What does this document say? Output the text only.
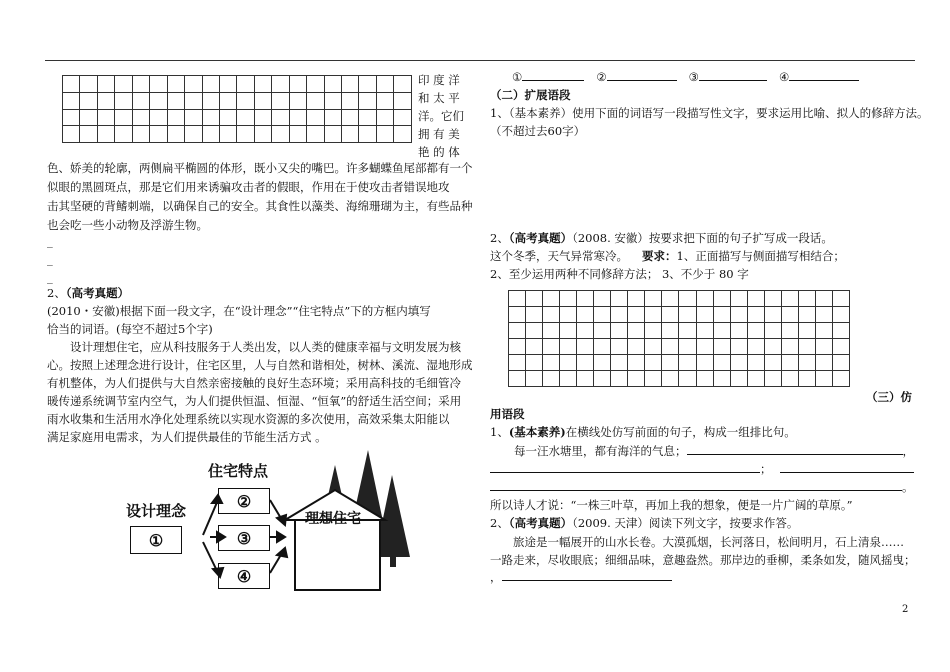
印 度 洋
和 太 平
洋。它们
拥 有 美
艳 的 体
色、娇美的轮廓，两侧扁平椭圆的体形，既小又尖的嘴巴。许多蝴蝶鱼尾部都有一个
似眼的黑圆斑点，那是它们用来诱骗攻击者的假眼，作用在于使攻击者错误地攻
击其坚硬的背鳍刺端，以确保自己的安全。其食性以藻类、海绵珊瑚为主，有些品种
也会吃一些小动物及浮游生物。
_
_
_
2、（高考真题）
(2010・安徽)根据下面一段文字，在“设计理念”“住宅特点”下的方框内填写
恰当的词语。(每空不超过5个字)
　　设计理想住宅，应从科技服务于人类出发，以人类的健康幸福与文明发展为核
心。按照上述理念进行设计，住宅区里，人与自然和谐相处，树林、溪流、湿地形成
有机整体，为人们提供与大自然亲密接触的良好生态环境；采用高科技的毛细管冷
暖传递系统调节室内空气，为人们提供恒温、恒湿、“恒氧”的舒适生活空间；采用
雨水收集和生活用水净化处理系统以实现水资源的多次使用，高效采集太阳能以
满足家庭用电需求，为人们提供最佳的节能生活方式 。
住宅特点
设计理念	理想住宅
①
②
③
④
①	②	③	④
（二）扩展语段
1、（基本素养）使用下面的词语写一段描写性文字，要求运用比喻、拟人的修辞方法。
（不超过去60字）
2、（高考真题）（2008. 安徽）按要求把下面的句子扩写成一段话。
这个冬季，天气异常寒冷。 要求：1、正面描写与侧面描写相结合；
2、至少运用两种不同修辞方法； 3、不少于 80 字

（三）仿
用语段
1、(基本素养)在横线处仿写前面的句子，构成一组排比句。
每一汪水塘里，都有海洋的气息；	，
；
。
所以诗人才说：“一株三叶草，再加上我的想象，便是一片广阔的草原。”
2、（高考真题）（2009. 天津）阅读下列文字，按要求作答。
　　旅途是一幅展开的山水长卷。大漠孤烟，长河落日，松间明月，石上清泉……
一路走来，尽收眼底；细细品味，意趣盎然。那岸边的垂柳，柔条如发，随风摇曳；
，
2
